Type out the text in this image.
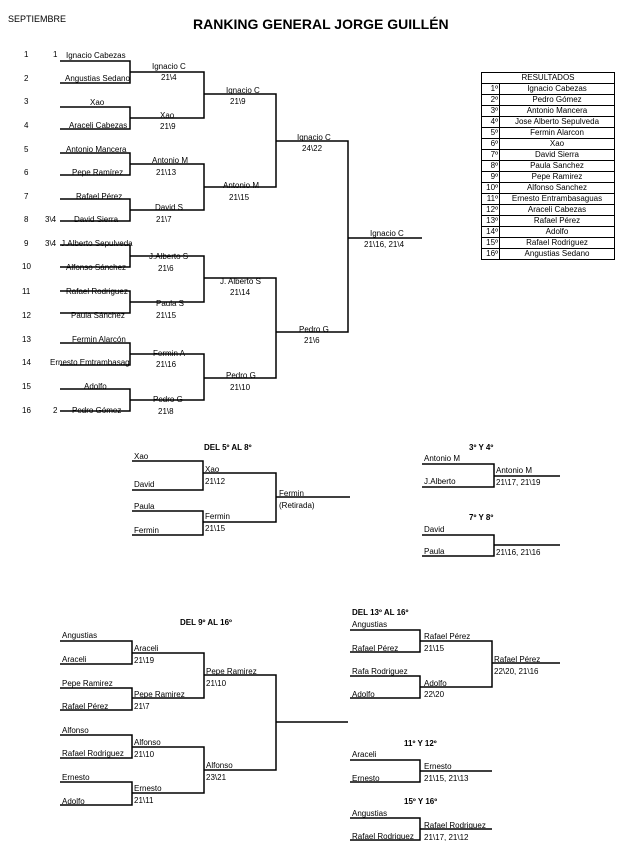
SEPTIEMBRE	RANKING GENERAL JORGE GUILLÉN
1
2
3
4
5
6
7
8
9
10
11
12
13
14
15
16
1
3\4
3\4
2
Ignacio Cabezas
Angustias Sedano
Xao
Araceli Cabezas
Antonio Mancera
Pepe Ramírez
Rafael Pérez
David Sierra
J.Alberto Sepulveda
Alfonso Sánchez
Rafael Rodriguez
Paula Sánchez
Fermin Alarcón
Ernesto Emtrambasag
Adolfo
Pedro Gómez
Ignacio C
21\4
Xao
21\9
Antonio M
21\13
David S
21\7
J.Alberto S
21\6
Paula S
21\15
Fermin A
21\16
Pedro G
21\8
Ignacio C
21\9
Antonio M
21\15
J. Alberto S
21\14
Pedro G
21\10
Ignacio C
24\22
Pedro G
21\6
Ignacio C
21\16, 21\4
RESULTADOS	
1º	Ignacio Cabezas
2º	Pedro Gómez
3º	Antonio Mancera
4º	Jose Alberto Sepulveda
5º	Fermin Alarcon
6º	Xao
7º	David Sierra
8º	Paula Sanchez
9º	Pepe Ramirez
10º	Alfonso Sanchez
11º	Ernesto Entrambasaguas
12º	Araceli Cabezas
13º	Rafael Pérez
14º	Adolfo
15º	Rafael Rodriguez
16º	Angustias Sedano
DEL 5º AL 8º
Xao
David
Paula
Fermin
Xao
21\12
Fermin
21\15
Fermin
(Retirada)
3º Y 4º
Antonio M
J.Alberto
Antonio M
21\17, 21\19
7º Y 8º
David
Paula	21\16, 21\16
DEL 9º AL 16º
Angustias
Araceli
Pepe Ramirez
Rafael Pérez
Alfonso
Rafael Rodriguez
Ernesto
Adolfo
Araceli
21\19
Pepe Ramirez
21\7
Alfonso
21\10
Ernesto
21\11
Pepe Ramirez
21\10
Alfonso
23\21
DEL 13º AL 16º
Angustias
Rafael Pérez
Rafa Rodriguez
Adolfo
Rafael Pérez
21\15
Adolfo
22\20
Rafael Pérez
22\20, 21\16
11º Y 12º
Araceli
Ernesto
Ernesto
21\15, 21\13
15º Y 16º
Angustias
Rafael Rodriguez
Rafael Rodriguez
21\17, 21\12
